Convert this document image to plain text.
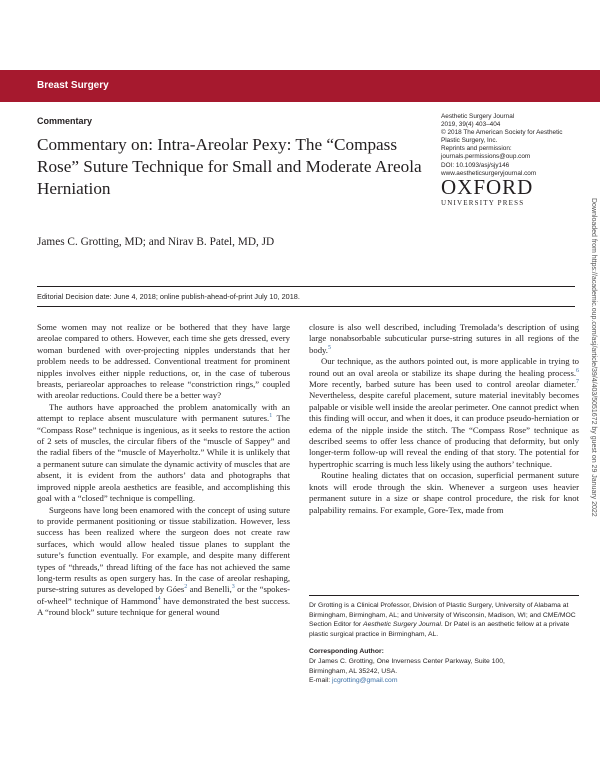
Breast Surgery
Commentary
Commentary on: Intra-Areolar Pexy: The “Compass Rose” Suture Technique for Small and Moderate Areola Herniation
Aesthetic Surgery Journal
2019, 39(4) 403–404
© 2018 The American Society for Aesthetic Plastic Surgery, Inc.
Reprints and permission:
journals.permissions@oup.com
DOI: 10.1093/asj/sjy146
www.aestheticsurgeryjournal.com
OXFORD
UNIVERSITY PRESS
James C. Grotting, MD; and Nirav B. Patel, MD, JD
Editorial Decision date: June 4, 2018; online publish-ahead-of-print July 10, 2018.

Some women may not realize or be bothered that they have large areolae compared to others. However, each time she gets dressed, every woman burdened with over-projecting nipples understands that her problem needs to be addressed. Conventional treatment for prominent nipples involves either nipple reductions, or, in the case of tuberous breasts, periareolar approaches to release “constriction rings,” coupled with areolar reductions. Could there be a better way?

The authors have approached the problem anatomically with an attempt to replace absent musculature with permanent sutures.$^1$ The “Compass Rose” technique is ingenious, as it seeks to restore the action of 2 sets of muscles, the circular fibers of the “muscle of Sappey” and the radial fibers of the “muscle of Mayerholtz.” While it is unlikely that a permanent suture can simulate the dynamic activity of muscles that are absent, it is evident from the authors’ data and photographs that improved nipple areola aesthetics are feasible, and accomplishing this goal with a “closed” technique is compelling.

Surgeons have long been enamored with the concept of using suture to provide permanent positioning or tissue stabilization. However, less success has been realized where the surgeon does not create raw surfaces, which would allow healed tissue planes to supplant the suture’s function eventually. For example, and despite many different types of “threads,” thread lifting of the face has not achieved the same long-term results as open surgery has. In the case of areolar reshaping, purse-string sutures as developed by Góes$^2$ and Benelli,$^3$ or the “spokes-of-wheel” technique of Hammond$^4$ have demonstrated the best success. A “round block” suture technique for general wound

closure is also well described, including Tremolada’s description of using large nonabsorbable subcuticular purse-string sutures in all regions of the body.$^5$

Our technique, as the authors pointed out, is more applicable in trying to round out an oval areola or stabilize its shape during the healing process.$^6$ More recently, barbed suture has been used to control areolar diameter.$^7$ Nevertheless, despite careful placement, suture material inevitably becomes palpable or visible well inside the areolar perimeter. One cannot predict when this finding will occur, and when it does, it can produce pseudo-herniation or edema of the nipple inside the stitch. The “Compass Rose” technique as described seems to offer less chance of producing that deformity, but only longer-term follow-up will reveal the ending of that story. The potential for hypertrophic scarring is much less likely using the authors’ technique.

Routine healing dictates that on occasion, superficial permanent suture knots will erode through the skin. Whenever a surgeon uses heavier permanent suture in a size or shape control procedure, the risk for knot palpability remains. For example, Gore-Tex, made from

Dr Grotting is a Clinical Professor, Division of Plastic Surgery, University of Alabama at Birmingham, Birmingham, AL; and University of Wisconsin, Madison, WI; and CME/MOC Section Editor for Aesthetic Surgery Journal. Dr Patel is an aesthetic fellow at a private plastic surgical practice in Birmingham, AL.
Corresponding Author:
Dr James C. Grotting, One Inverness Center Parkway, Suite 100,
Birmingham, AL 35242, USA.
E-mail: jcgrotting@gmail.com
Downloaded from https://academic.oup.com/asj/article/39/4/403/5051672 by guest on 29 January 2022
